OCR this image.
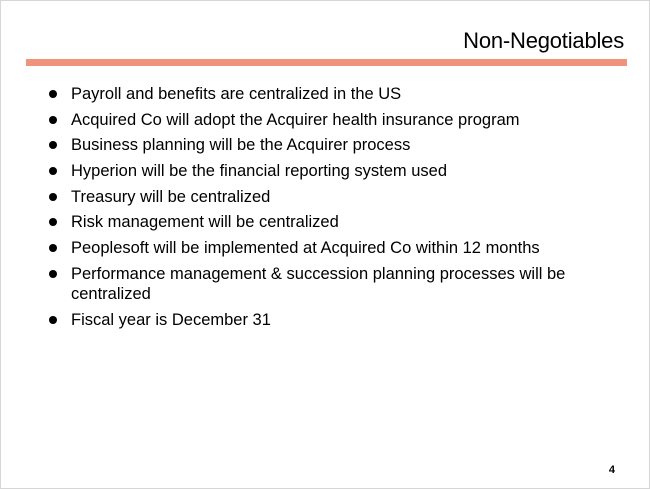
Non-Negotiables
Payroll and benefits are centralized in the US
Acquired Co will adopt the Acquirer health insurance program
Business planning will be the Acquirer process
Hyperion will be the financial reporting system used
Treasury will be centralized
Risk management will be centralized
Peoplesoft will be implemented at Acquired Co within 12 months
Performance management & succession planning processes will be centralized
Fiscal year is December 31
4
